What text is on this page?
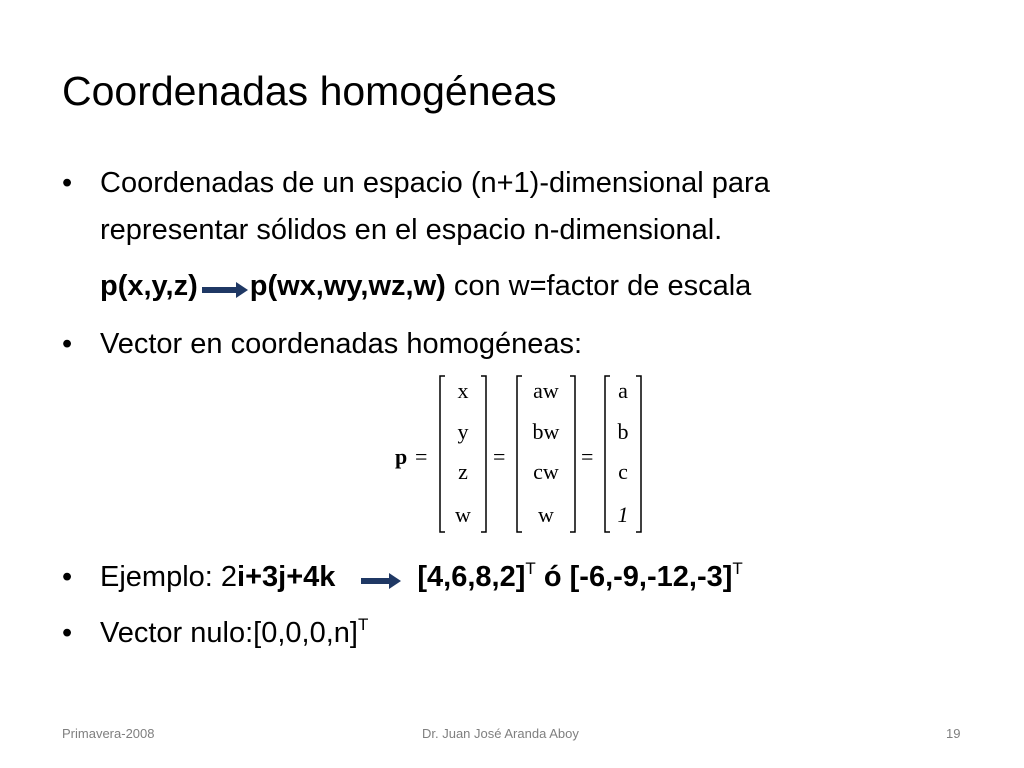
Coordenadas homogéneas
• Coordenadas de un espacio (n+1)-dimensional para
representar sólidos en el espacio n-dimensional.
p(x,y,z) p(wx,wy,wz,w) con w=factor de escala
• Vector en coordenadas homogéneas:
p =
x
y
z
w
=
aw
bw
cw
w
=
a
b
c
1
• Ejemplo: 2i+3j+4k	$[4,6,8,2]^T$ ó $[-6,-9,-12,-3]^T$
• Vector $nulo:[0,0,0,n]^T$
Primavera-2008	Dr. Juan José Aranda Aboy	19
